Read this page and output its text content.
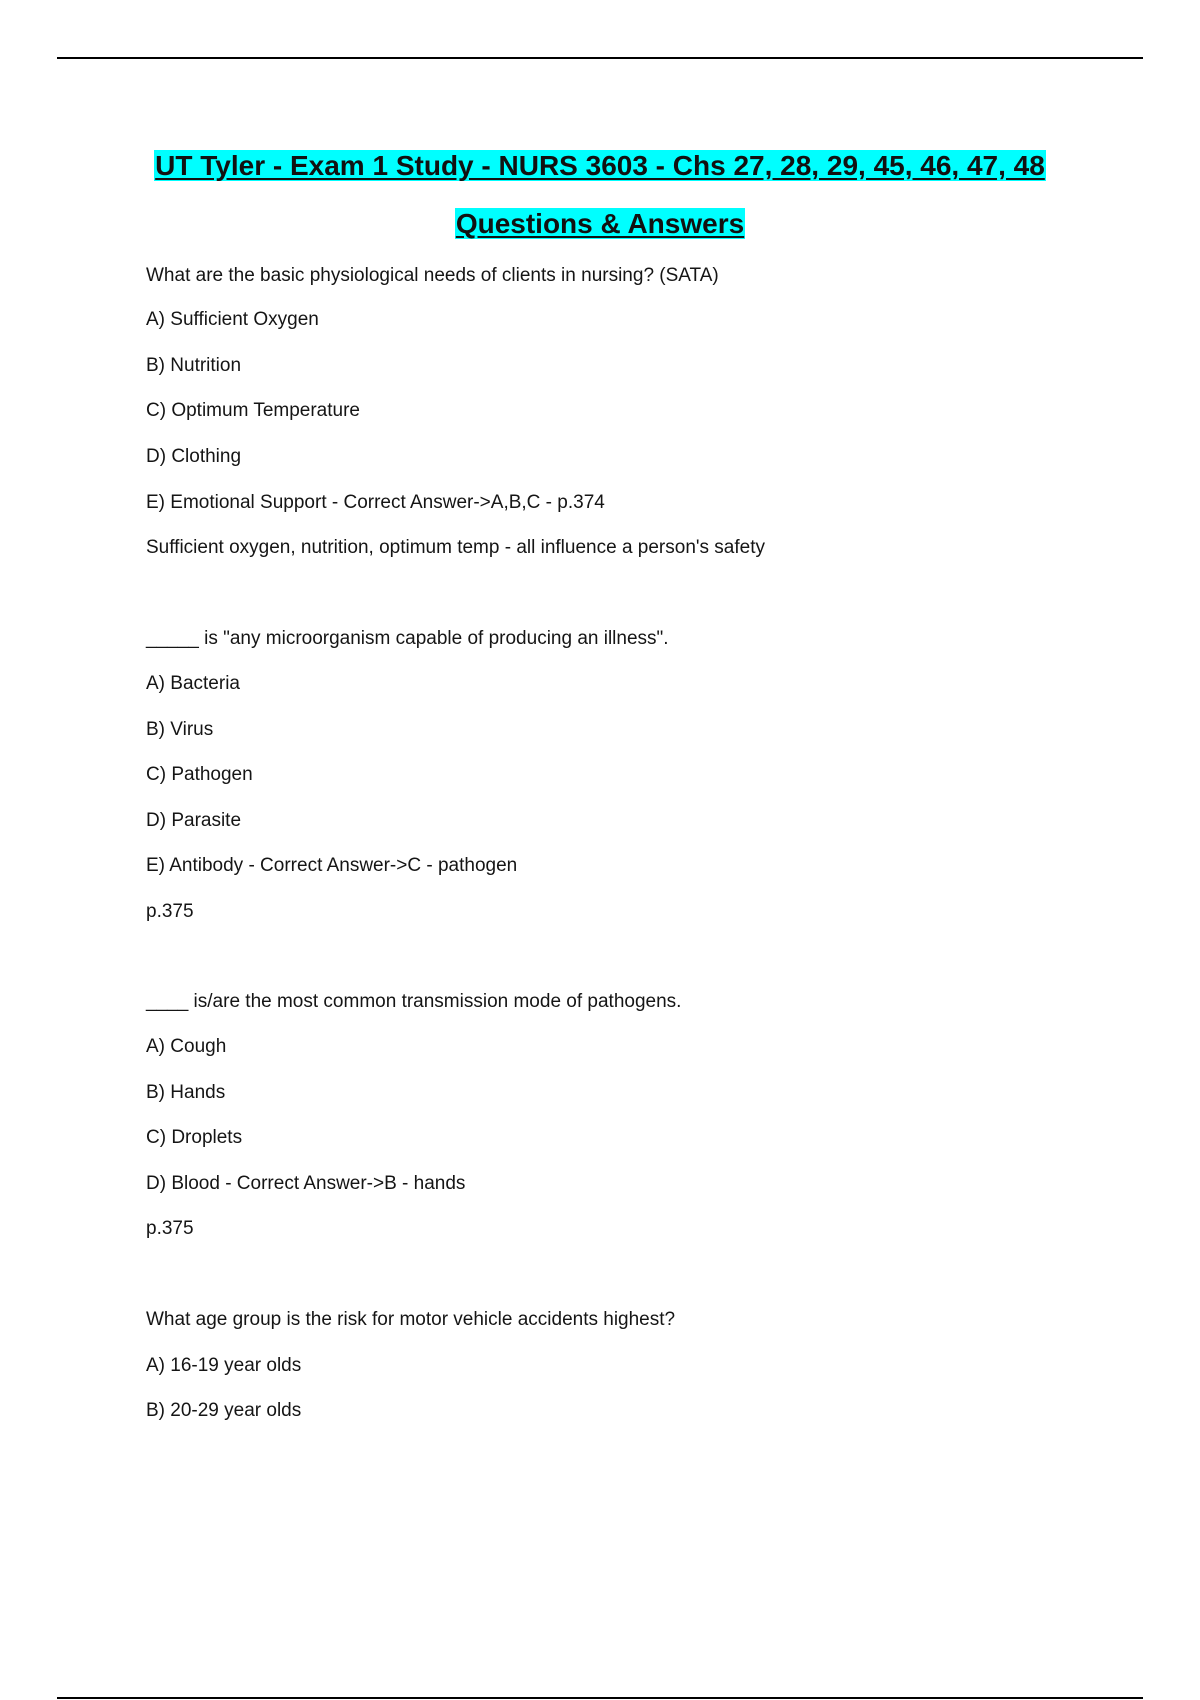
UT Tyler - Exam 1 Study - NURS 3603 - Chs 27, 28, 29, 45, 46, 47, 48
Questions & Answers
What are the basic physiological needs of clients in nursing? (SATA)
A) Sufficient Oxygen
B) Nutrition
C) Optimum Temperature
D) Clothing
E) Emotional Support - Correct Answer->A,B,C - p.374
Sufficient oxygen, nutrition, optimum temp - all influence a person's safety
_____ is "any microorganism capable of producing an illness".
A) Bacteria
B) Virus
C) Pathogen
D) Parasite
E) Antibody - Correct Answer->C - pathogen
p.375
____ is/are the most common transmission mode of pathogens.
A) Cough
B) Hands
C) Droplets
D) Blood - Correct Answer->B - hands
p.375
What age group is the risk for motor vehicle accidents highest?
A) 16-19 year olds
B) 20-29 year olds
